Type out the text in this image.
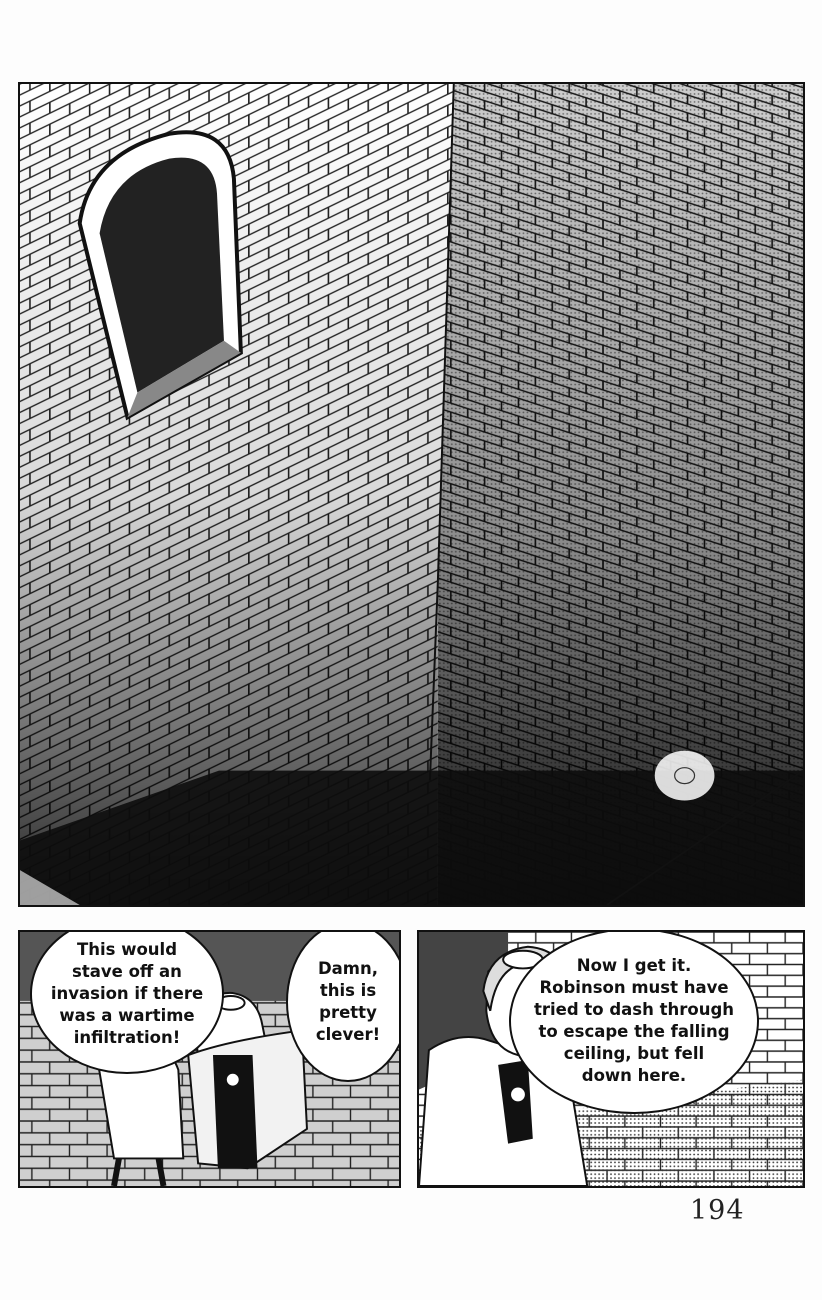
This would
stave off an
invasion if there
was a wartime
infiltration!
Damn,
this is
pretty
clever!
Now I get it.
Robinson must have
tried to dash through
to escape the falling
ceiling, but fell
down here.
194
